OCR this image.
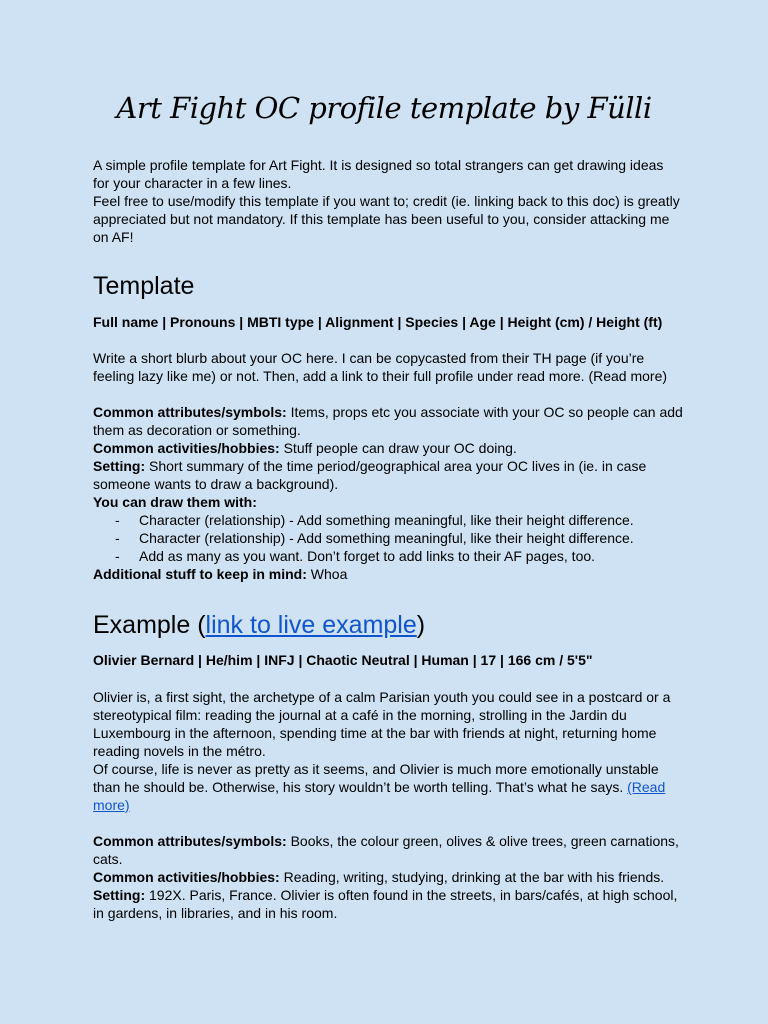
Art Fight OC profile template by Fülli

A simple profile template for Art Fight. It is designed so total strangers can get drawing ideas for your character in a few lines.

Feel free to use/modify this template if you want to; credit (ie. linking back to this doc) is greatly appreciated but not mandatory. If this template has been useful to you, consider attacking me on AF!

Template

Full name | Pronouns | MBTI type | Alignment | Species | Age | Height (cm) / Height (ft)

Write a short blurb about your OC here. I can be copycasted from their TH page (if you’re feeling lazy like me) or not. Then, add a link to their full profile under read more. (Read more)

Common attributes/symbols: Items, props etc you associate with your OC so people can add them as decoration or something.

Common activities/hobbies: Stuff people can draw your OC doing.

Setting: Short summary of the time period/geographical area your OC lives in (ie. in case someone wants to draw a background).

You can draw them with:

- Character (relationship) - Add something meaningful, like their height difference.
- Character (relationship) - Add something meaningful, like their height difference.
- Add as many as you want. Don’t forget to add links to their AF pages, too.

Additional stuff to keep in mind: Whoa

Example (link to live example)

Olivier Bernard | He/him | INFJ | Chaotic Neutral | Human | 17 | 166 cm / 5'5"

Olivier is, a first sight, the archetype of a calm Parisian youth you could see in a postcard or a stereotypical film: reading the journal at a café in the morning, strolling in the Jardin du Luxembourg in the afternoon, spending time at the bar with friends at night, returning home reading novels in the métro.

Of course, life is never as pretty as it seems, and Olivier is much more emotionally unstable than he should be. Otherwise, his story wouldn’t be worth telling. That’s what he says. (Read more)

Common attributes/symbols: Books, the colour green, olives & olive trees, green carnations, cats.

Common activities/hobbies: Reading, writing, studying, drinking at the bar with his friends.

Setting: 192X. Paris, France. Olivier is often found in the streets, in bars/cafés, at high school, in gardens, in libraries, and in his room.
